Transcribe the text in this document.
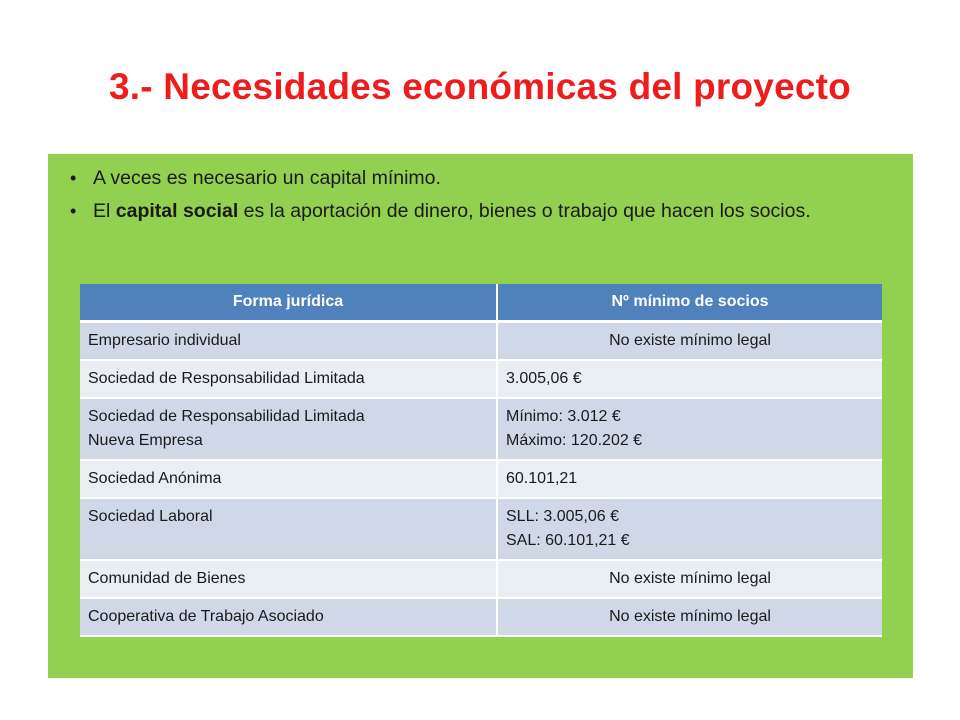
3.- Necesidades económicas del proyecto
• A veces es necesario un capital mínimo.
• El capital social es la aportación de dinero, bienes o trabajo que hacen los socios.
Forma jurídica	Nº mínimo de socios

Empresario individual	No existe mínimo legal

Sociedad de Responsabilidad Limitada	3.005,06 €

Sociedad de Responsabilidad Limitada
Nueva Empresa	Mínimo: 3.012 €
Máximo: 120.202 €

Sociedad Anónima	60.101,21

Sociedad Laboral	SLL: 3.005,06 €
SAL: 60.101,21 €

Comunidad de Bienes	No existe mínimo legal

Cooperativa de Trabajo Asociado	No existe mínimo legal
